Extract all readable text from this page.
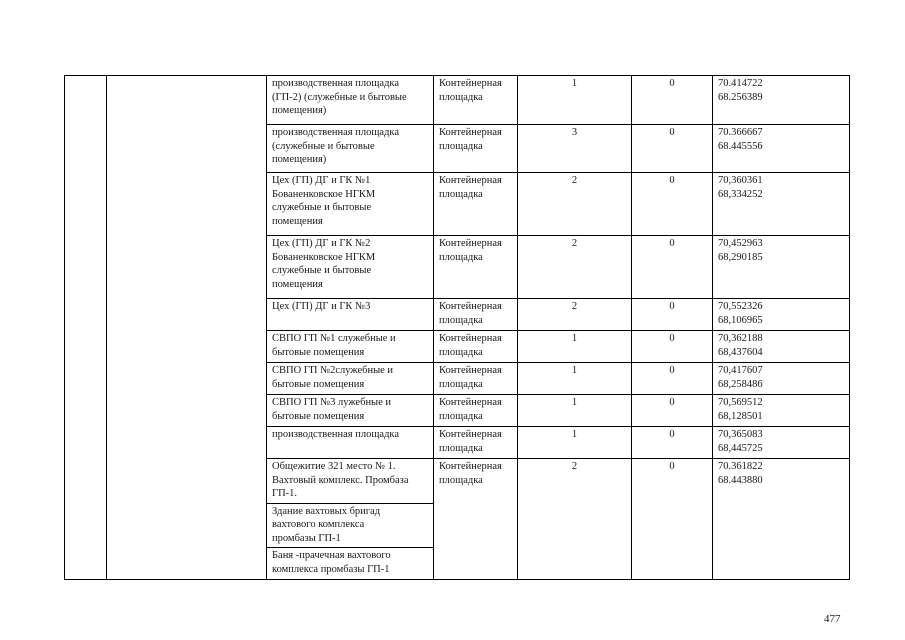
		производственная площадка
(ГП-2) (служебные и бытовые
помещения)	Контейнерная
площадка	1	0	70.414722
68.256389

		производственная площадка
(служебные и бытовые
помещения)	Контейнерная
площадка	3	0	70.366667
68.445556

		Цех (ГП) ДГ и ГК №1
Бованенковское НГКМ
служебные и бытовые
помещения	Контейнерная
площадка	2	0	70,360361
68,334252

		Цех (ГП) ДГ и ГК №2
Бованенковское НГКМ
служебные и бытовые
помещения	Контейнерная
площадка	2	0	70,452963
68,290185

		Цех (ГП) ДГ и ГК №3	Контейнерная
площадка	2	0	70,552326
68,106965

		СВПО ГП №1 служебные и
бытовые помещения	Контейнерная
площадка	1	0	70,362188
68,437604

		СВПО ГП №2служебные и
бытовые помещения	Контейнерная
площадка	1	0	70,417607
68,258486

		СВПО ГП №3 лужебные и
бытовые помещения	Контейнерная
площадка	1	0	70,569512
68,128501

		производственная площадка	Контейнерная
площадка	1	0	70,365083
68,445725

		Общежитие 321 место № 1.
Вахтовый комплекс. Промбаза
ГП-1.	Контейнерная
площадка	2	0	70.361822
68.443880

		Здание вахтовых бригад
вахтового комплекса
промбазы ГП-1				

		Баня -прачечная вахтового
комплекса промбазы ГП-1				
477
